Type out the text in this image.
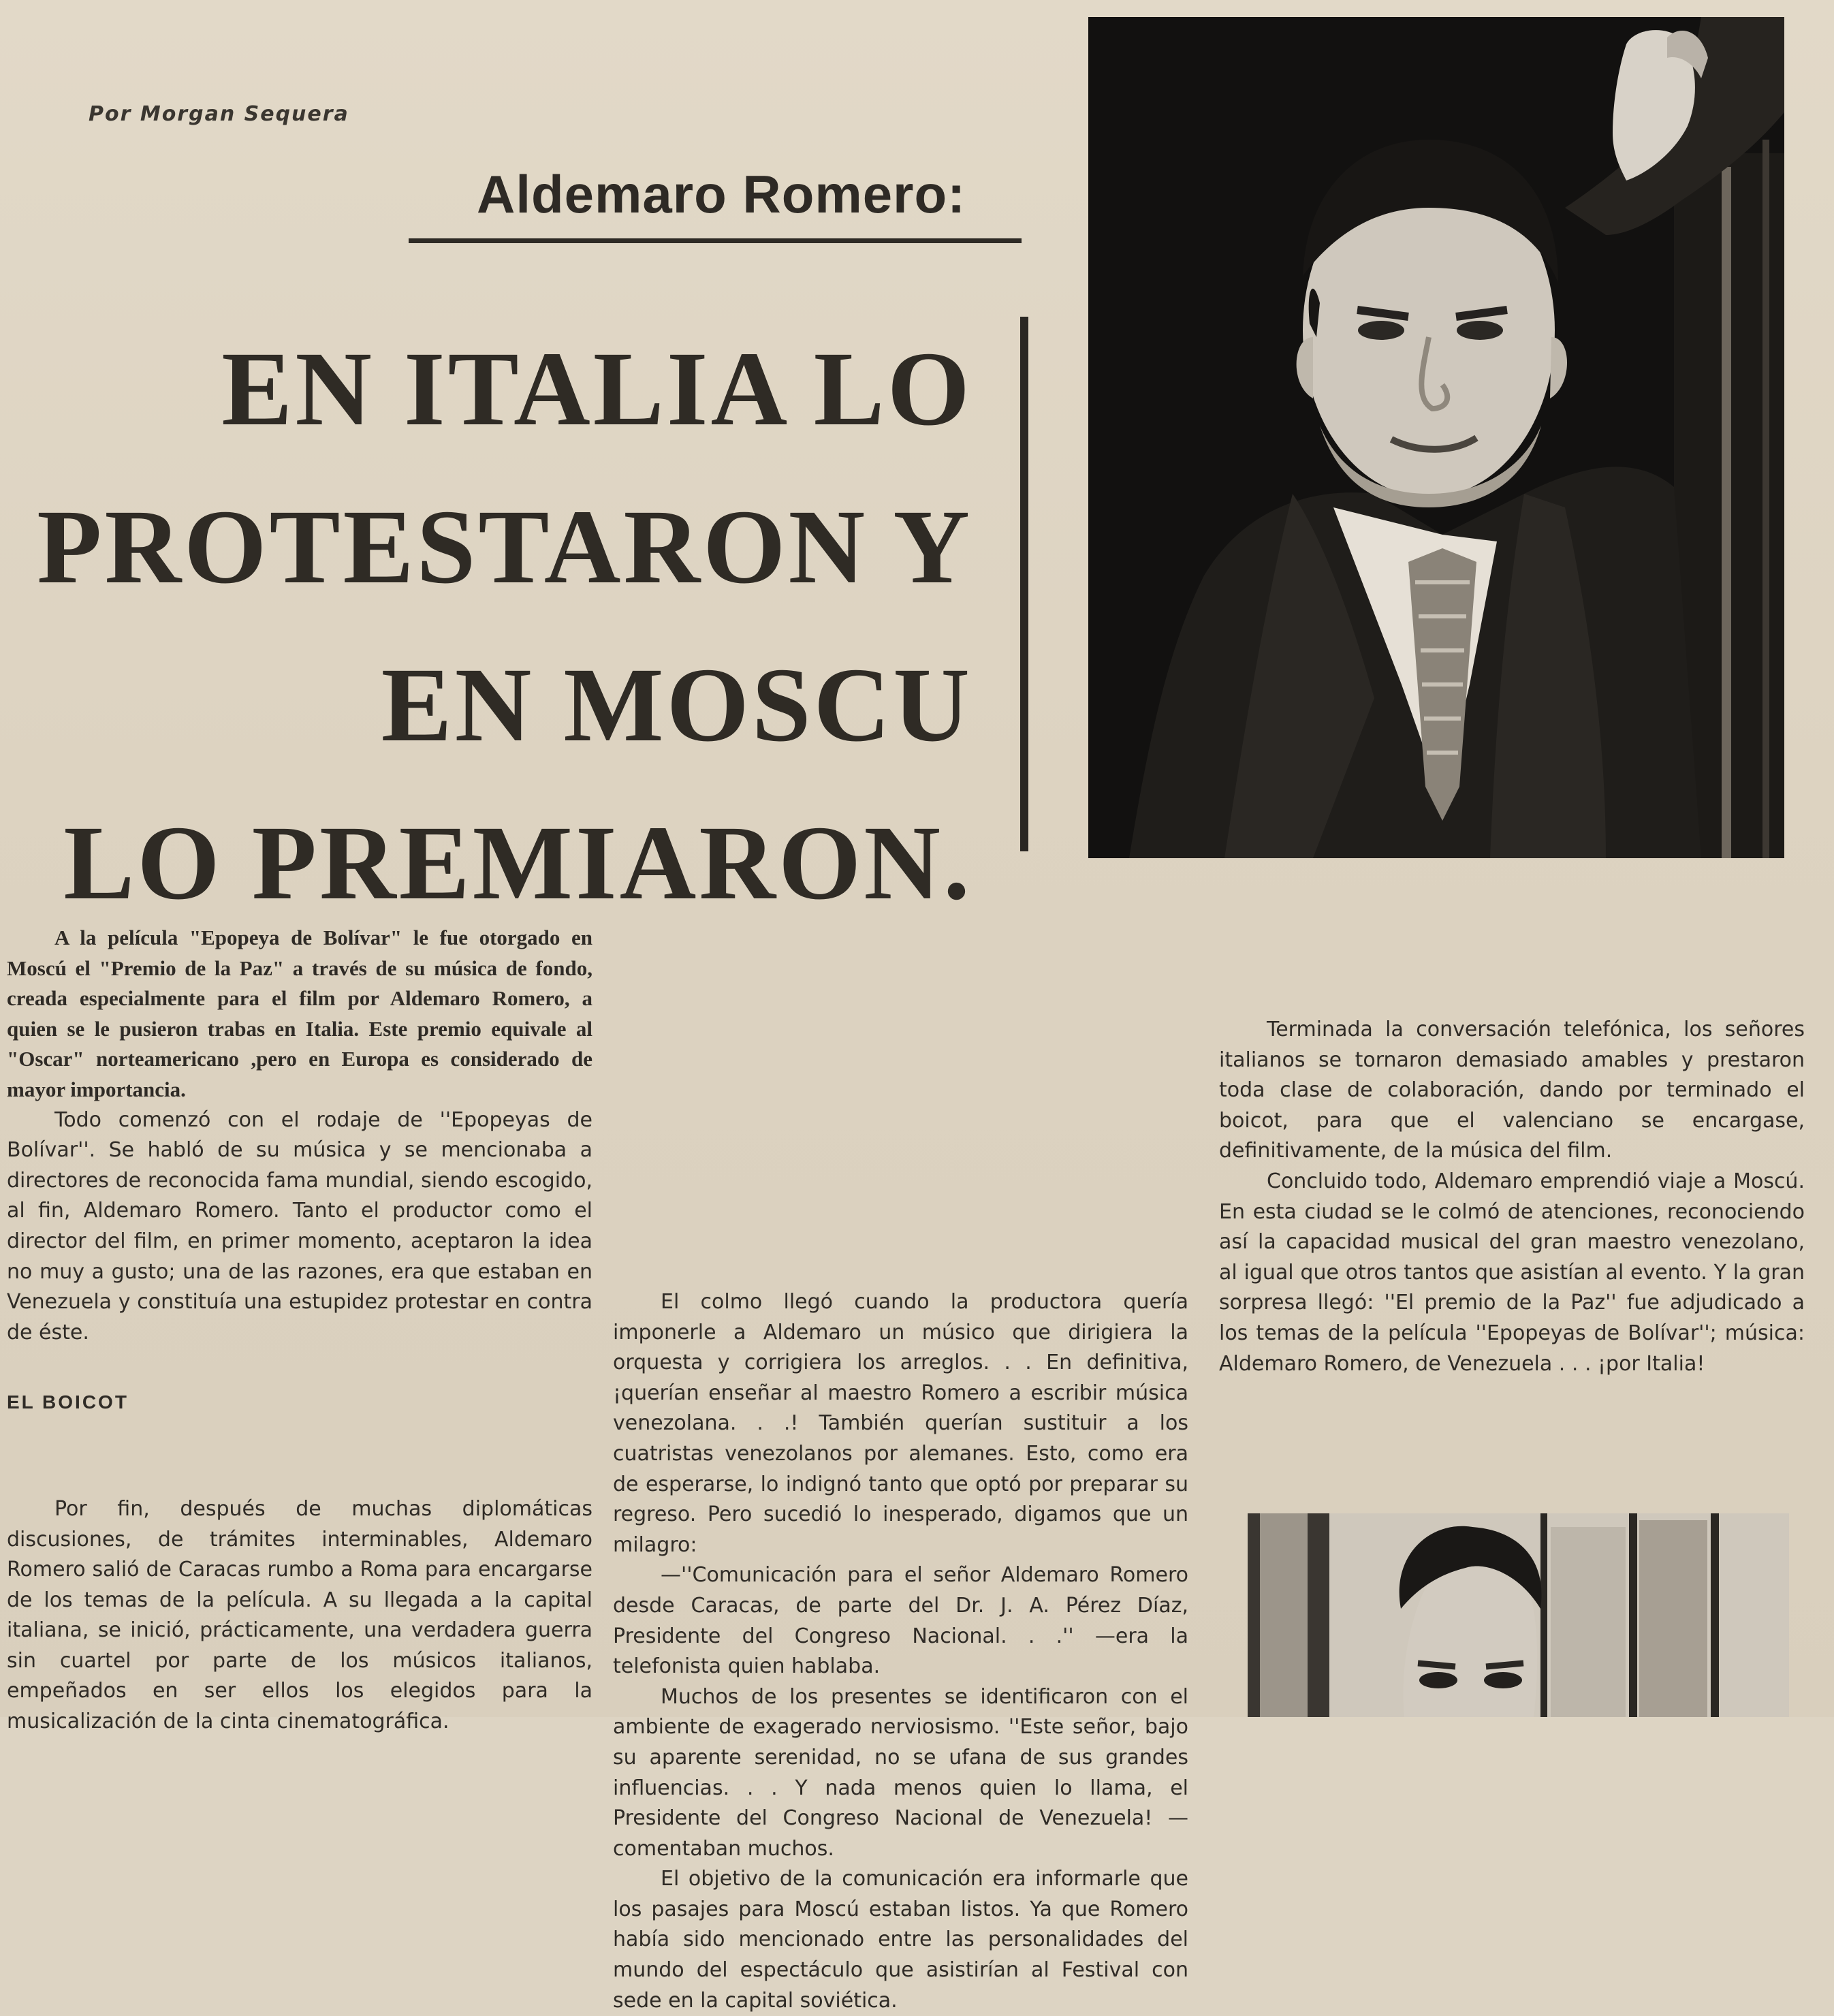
Por Morgan Sequera
Aldemaro Romero:
EN ITALIA LO
PROTESTARON Y
EN MOSCU
LO PREMIARON.

A la película "Epopeya de Bolívar" le fue otorgado en Moscú el "Premio de la Paz" a través de su música de fondo, creada especialmente para el film por Aldemaro Romero, a quien se le pusieron trabas en Italia. Este premio equivale al "Oscar" norteamericano ,pero en Europa es considerado de mayor importancia.

Todo comenzó con el rodaje de ''Epopeyas de Bolívar''. Se habló de su música y se mencionaba a directores de reconocida fama mundial, siendo escogido, al fin, Aldemaro Romero. Tanto el productor como el director del film, en primer momento, aceptaron la idea no muy a gusto; una de las razones, era que estaban en Venezuela y constituía una estupidez protestar en contra de éste.

EL BOICOT

Por fin, después de muchas diplomáticas discusiones, de trámites interminables, Aldemaro Romero salió de Caracas rumbo a Roma para encargarse de los temas de la película. A su llegada a la capital italiana, se inició, prácticamente, una verdadera guerra sin cuartel por parte de los músicos italianos, empeñados en ser ellos los elegidos para la musicalización de la cinta cinematográfica.

El colmo llegó cuando la productora quería imponerle a Aldemaro un músico que dirigiera la orquesta y corrigiera los arreglos. . . En definitiva, ¡querían enseñar al maestro Romero a escribir música venezolana. . .! También querían sustituir a los cuatristas venezolanos por alemanes. Esto, como era de esperarse, lo indignó tanto que optó por preparar su regreso. Pero sucedió lo inesperado, digamos que un milagro:

—''Comunicación para el señor Aldemaro Romero desde Caracas, de parte del Dr. J. A. Pérez Díaz, Presidente del Congreso Nacional. . .'' —era la telefonista quien hablaba.

Muchos de los presentes se identificaron con el ambiente de exagerado nerviosismo. ''Este señor, bajo su aparente serenidad, no se ufana de sus grandes influencias. . . Y nada menos quien lo llama, el Presidente del Congreso Nacional de Venezuela! —comentaban muchos.

El objetivo de la comunicación era informarle que los pasajes para Moscú estaban listos. Ya que Romero había sido mencionado entre las personalidades del mundo del espectáculo que asistirían al Festival con sede en la capital soviética.

Terminada la conversación telefónica, los señores italianos se tornaron demasiado amables y prestaron toda clase de colaboración, dando por terminado el boicot, para que el valenciano se encargase, definitivamente, de la música del film.

Concluido todo, Aldemaro emprendió viaje a Moscú. En esta ciudad se le colmó de atenciones, reconociendo así la capacidad musical del gran maestro venezolano, al igual que otros tantos que asistían al evento. Y la gran sorpresa llegó: ''El premio de la Paz'' fue adjudicado a los temas de la película ''Epopeyas de Bolívar''; música: Aldemaro Romero, de Venezuela . . . ¡por Italia!
